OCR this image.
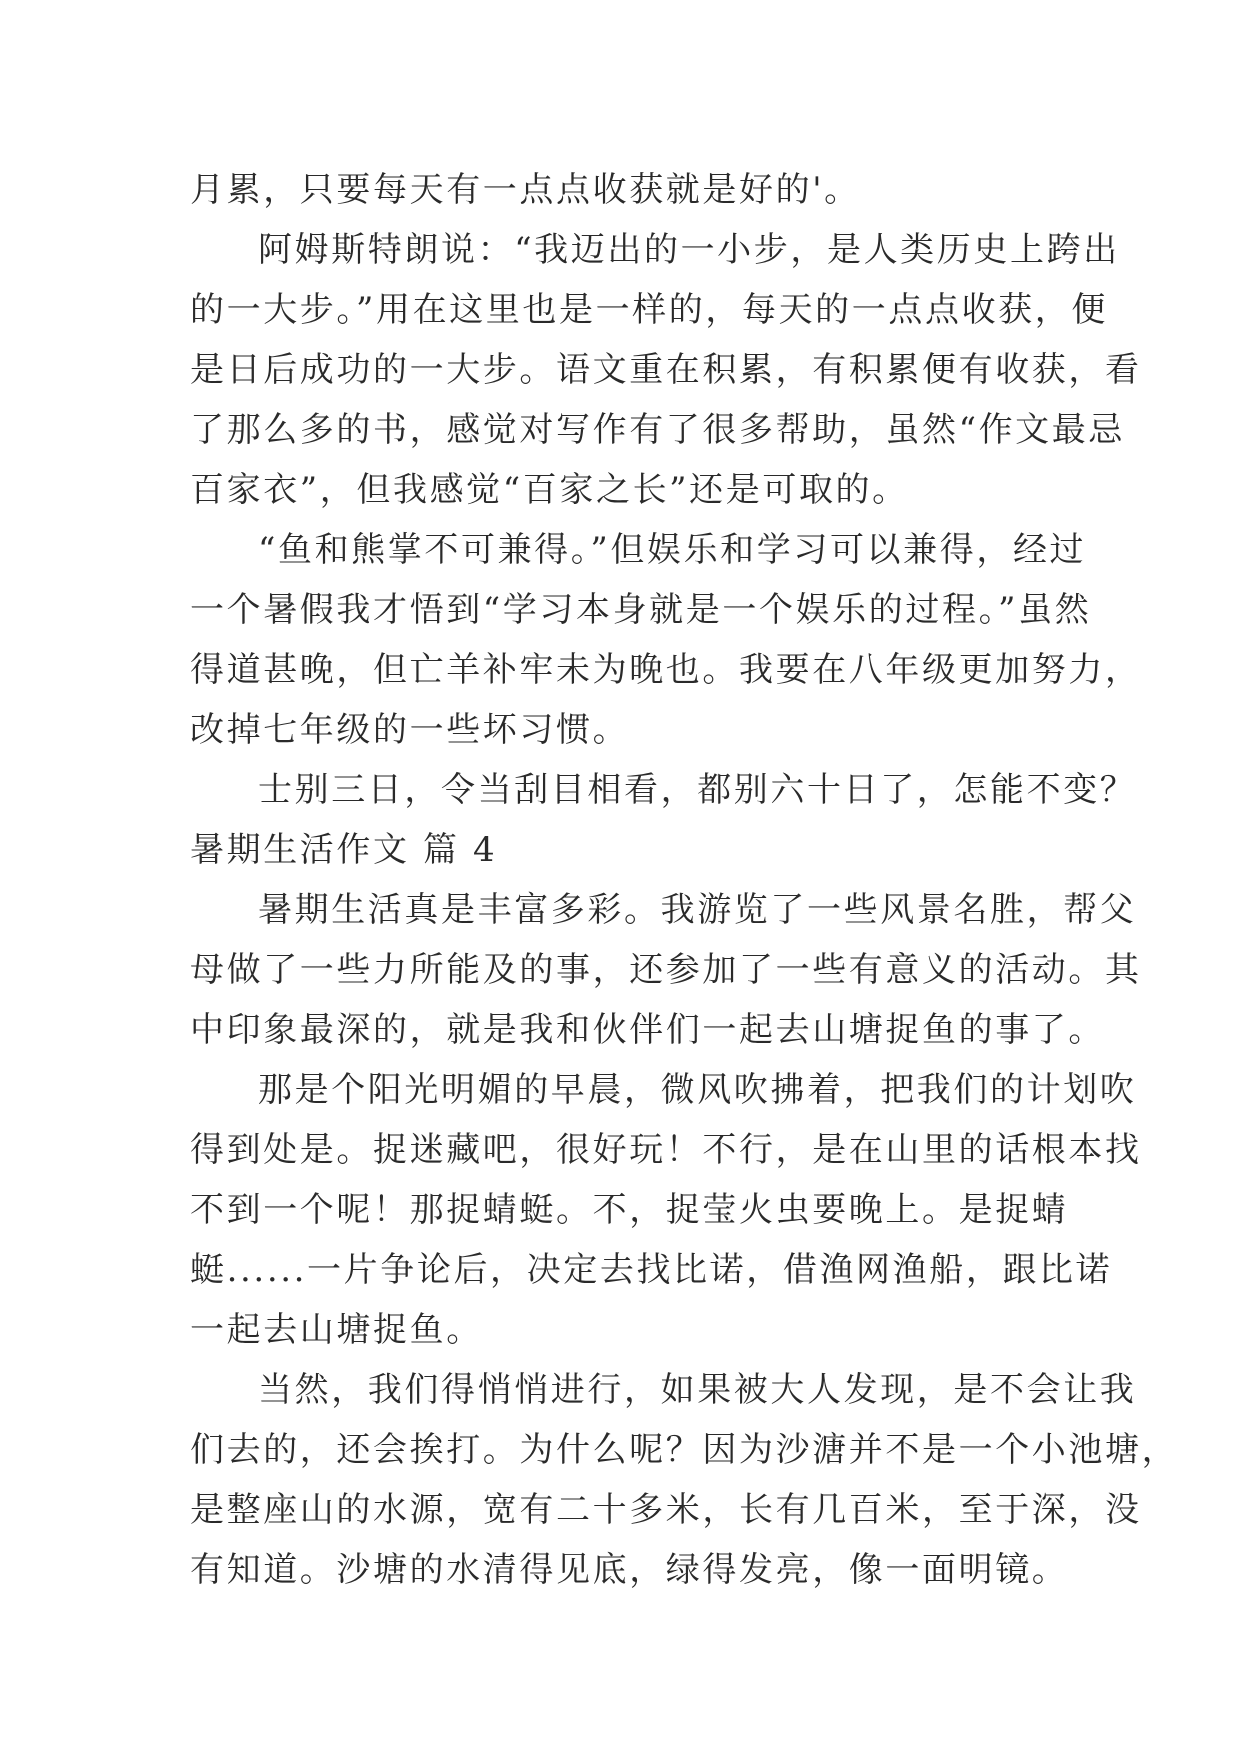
月累，只要每天有一点点收获就是好的'。
阿姆斯特朗说：“我迈出的一小步，是人类历史上跨出
的一大步。”用在这里也是一样的，每天的一点点收获，便
是日后成功的一大步。语文重在积累，有积累便有收获，看
了那么多的书，感觉对写作有了很多帮助，虽然“作文最忌
百家衣”，但我感觉“百家之长”还是可取的。
“鱼和熊掌不可兼得。”但娱乐和学习可以兼得，经过
一个暑假我才悟到“学习本身就是一个娱乐的过程。”虽然
得道甚晚，但亡羊补牢未为晚也。我要在八年级更加努力，
改掉七年级的一些坏习惯。
士别三日，令当刮目相看，都别六十日了，怎能不变？
暑期生活作文 篇 4
暑期生活真是丰富多彩。我游览了一些风景名胜，帮父
母做了一些力所能及的事，还参加了一些有意义的活动。其
中印象最深的，就是我和伙伴们一起去山塘捉鱼的事了。
那是个阳光明媚的早晨，微风吹拂着，把我们的计划吹
得到处是。捉迷藏吧，很好玩！不行，是在山里的话根本找
不到一个呢！那捉蜻蜓。不，捉莹火虫要晚上。是捉蜻
蜓......一片争论后，决定去找比诺，借渔网渔船，跟比诺
一起去山塘捉鱼。
当然，我们得悄悄进行，如果被大人发现，是不会让我
们去的，还会挨打。为什么呢？因为沙溏并不是一个小池塘，
是整座山的水源，宽有二十多米，长有几百米，至于深，没
有知道。沙塘的水清得见底，绿得发亮，像一面明镜。
